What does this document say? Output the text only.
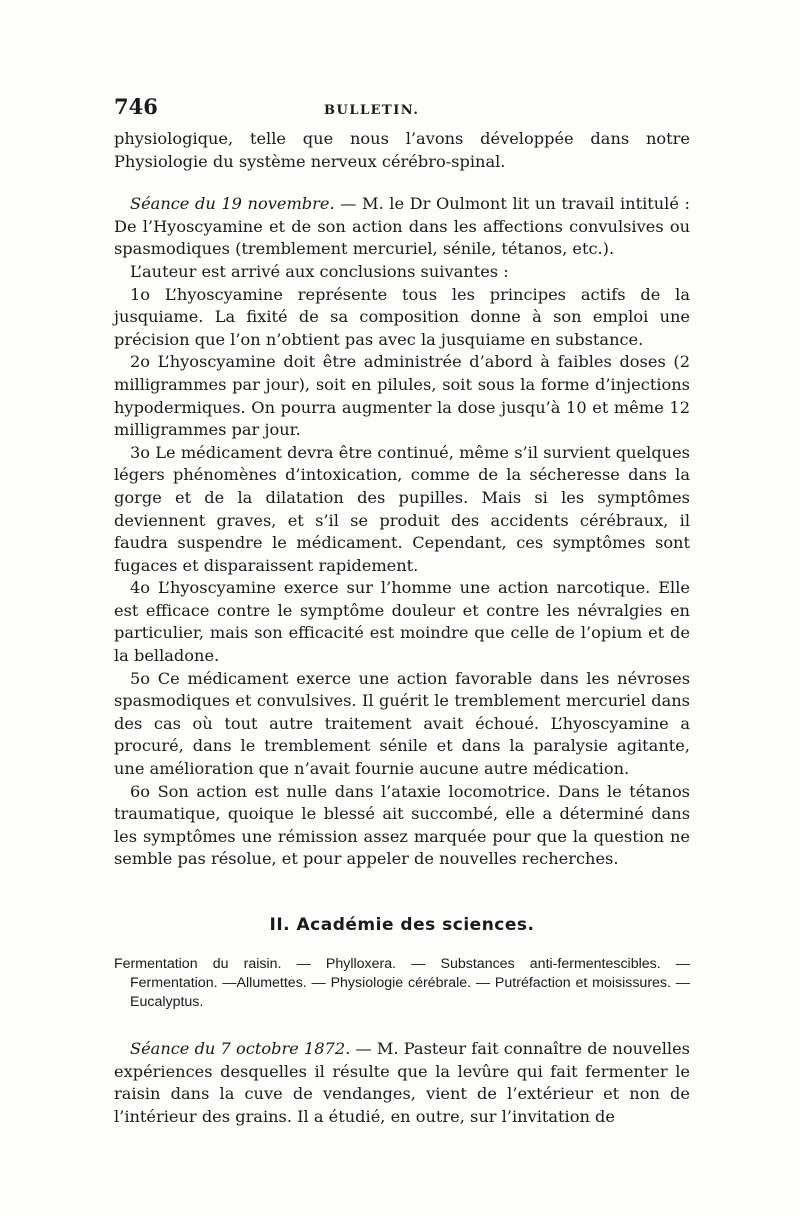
746	BULLETIN.

physiologique, telle que nous l’avons développée dans notre Physiologie du système nerveux cérébro-spinal.

Séance du 19 novembre. — M. le Dr Oulmont lit un travail intitulé : De l’Hyoscyamine et de son action dans les affections convulsives ou spasmodiques (tremblement mercuriel, sénile, tétanos, etc.).

L’auteur est arrivé aux conclusions suivantes :

1o L’hyoscyamine représente tous les principes actifs de la jusquiame. La fixité de sa composition donne à son emploi une précision que l’on n’obtient pas avec la jusquiame en substance.

2o L’hyoscyamine doit être administrée d’abord à faibles doses (2 milligrammes par jour), soit en pilules, soit sous la forme d’injections hypodermiques. On pourra augmenter la dose jusqu’à 10 et même 12 milligrammes par jour.

3o Le médicament devra être continué, même s’il survient quelques légers phénomènes d’intoxication, comme de la sécheresse dans la gorge et de la dilatation des pupilles. Mais si les symptômes deviennent graves, et s’il se produit des accidents cérébraux, il faudra suspendre le médicament. Cependant, ces symptômes sont fugaces et disparaissent rapidement.

4o L’hyoscyamine exerce sur l’homme une action narcotique. Elle est efficace contre le symptôme douleur et contre les névralgies en particulier, mais son efficacité est moindre que celle de l’opium et de la belladone.

5o Ce médicament exerce une action favorable dans les névroses spasmodiques et convulsives. Il guérit le tremblement mercuriel dans des cas où tout autre traitement avait échoué. L’hyoscyamine a procuré, dans le tremblement sénile et dans la paralysie agitante, une amélioration que n’avait fournie aucune autre médication.

6o Son action est nulle dans l’ataxie locomotrice. Dans le tétanos traumatique, quoique le blessé ait succombé, elle a déterminé dans les symptômes une rémission assez marquée pour que la question ne semble pas résolue, et pour appeler de nouvelles recherches.

II. Académie des sciences.
Fermentation du raisin. — Phylloxera. — Substances anti-fermentescibles. — Fermentation. —Allumettes. — Physiologie cérébrale. — Putréfaction et moisissures. — Eucalyptus.

Séance du 7 octobre 1872. — M. Pasteur fait connaître de nouvelles expériences desquelles il résulte que la levûre qui fait fermenter le raisin dans la cuve de vendanges, vient de l’extérieur et non de l’intérieur des grains. Il a étudié, en outre, sur l’invitation de
